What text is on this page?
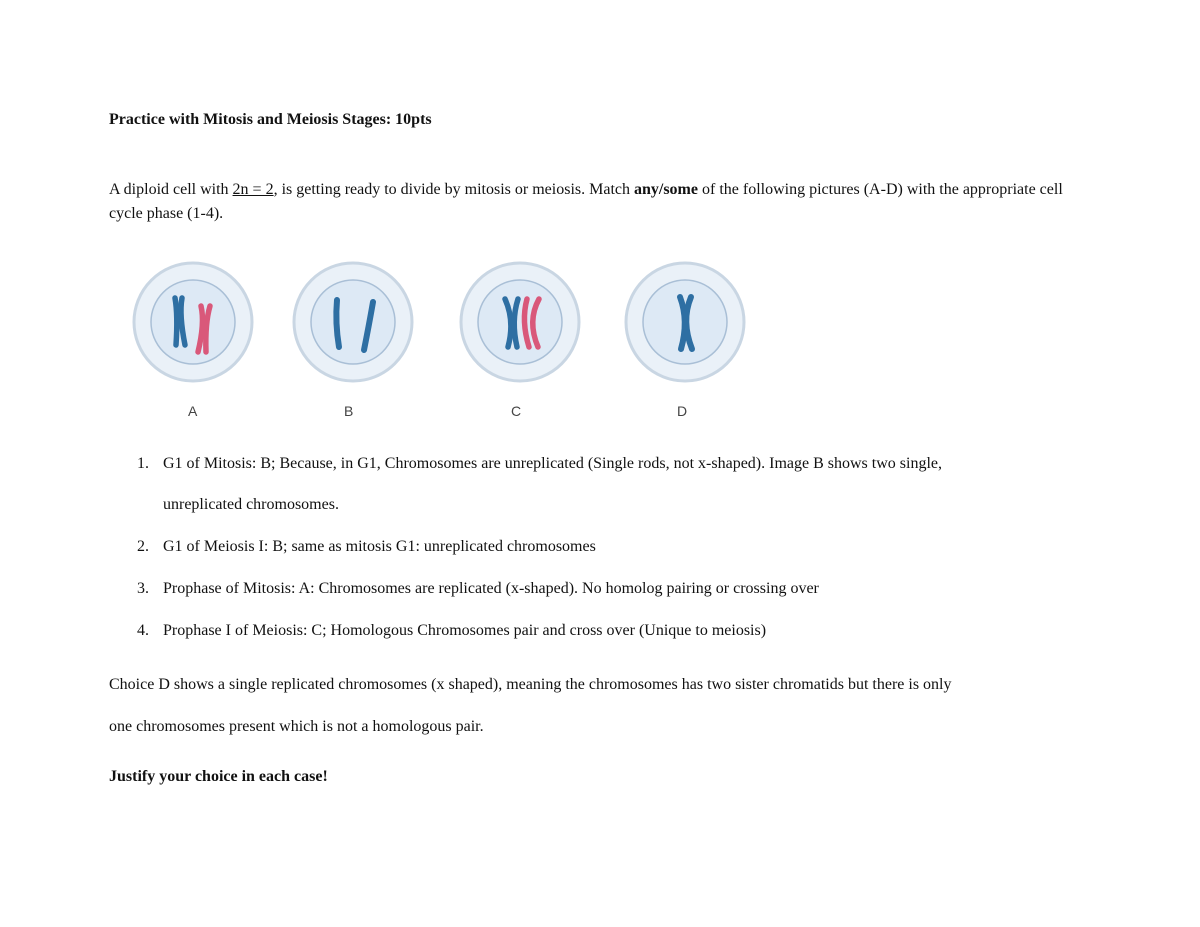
Practice with Mitosis and Meiosis Stages: 10pts

A diploid cell with 2n = 2, is getting ready to divide by mitosis or meiosis. Match any/some of the following pictures (A-D) with the appropriate cell cycle phase (1-4).

A	B	C	D
1. G1 of Mitosis: B; Because, in G1, Chromosomes are unreplicated (Single rods, not x-shaped). Image B shows two single,
unreplicated chromosomes.
2. G1 of Meiosis I: B; same as mitosis G1: unreplicated chromosomes
3. Prophase of Mitosis: A: Chromosomes are replicated (x-shaped). No homolog pairing or crossing over
4. Prophase I of Meiosis: C; Homologous Chromosomes pair and cross over (Unique to meiosis)

Choice D shows a single replicated chromosomes (x shaped), meaning the chromosomes has two sister chromatids but there is only
one chromosomes present which is not a homologous pair.

Justify your choice in each case!
